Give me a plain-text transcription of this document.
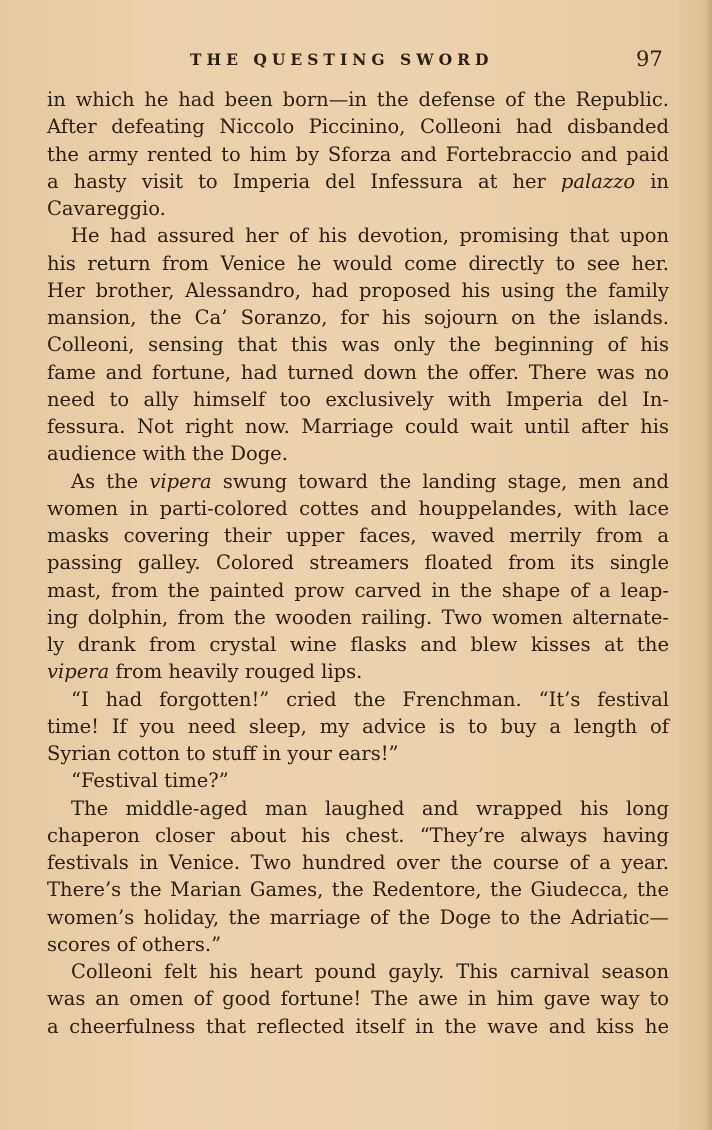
THE QUESTING SWORD	97
in which he had been born—in the defense of the Republic.
After defeating Niccolo Piccinino, Colleoni had disbanded
the army rented to him by Sforza and Fortebraccio and paid
a hasty visit to Imperia del Infessura at her palazzo in
Cavareggio.
He had assured her of his devotion, promising that upon
his return from Venice he would come directly to see her.
Her brother, Alessandro, had proposed his using the family
mansion, the Ca’ Soranzo, for his sojourn on the islands.
Colleoni, sensing that this was only the beginning of his
fame and fortune, had turned down the offer. There was no
need to ally himself too exclusively with Imperia del In-
fessura. Not right now. Marriage could wait until after his
audience with the Doge.
As the vipera swung toward the landing stage, men and
women in parti-colored cottes and houppelandes, with lace
masks covering their upper faces, waved merrily from a
passing galley. Colored streamers floated from its single
mast, from the painted prow carved in the shape of a leap-
ing dolphin, from the wooden railing. Two women alternate-
ly drank from crystal wine flasks and blew kisses at the
vipera from heavily rouged lips.
“I had forgotten!” cried the Frenchman. “It’s festival
time! If you need sleep, my advice is to buy a length of
Syrian cotton to stuff in your ears!”
“Festival time?”
The middle-aged man laughed and wrapped his long
chaperon closer about his chest. “They’re always having
festivals in Venice. Two hundred over the course of a year.
There’s the Marian Games, the Redentore, the Giudecca, the
women’s holiday, the marriage of the Doge to the Adriatic—
scores of others.”
Colleoni felt his heart pound gayly. This carnival season
was an omen of good fortune! The awe in him gave way to
a cheerfulness that reflected itself in the wave and kiss he
